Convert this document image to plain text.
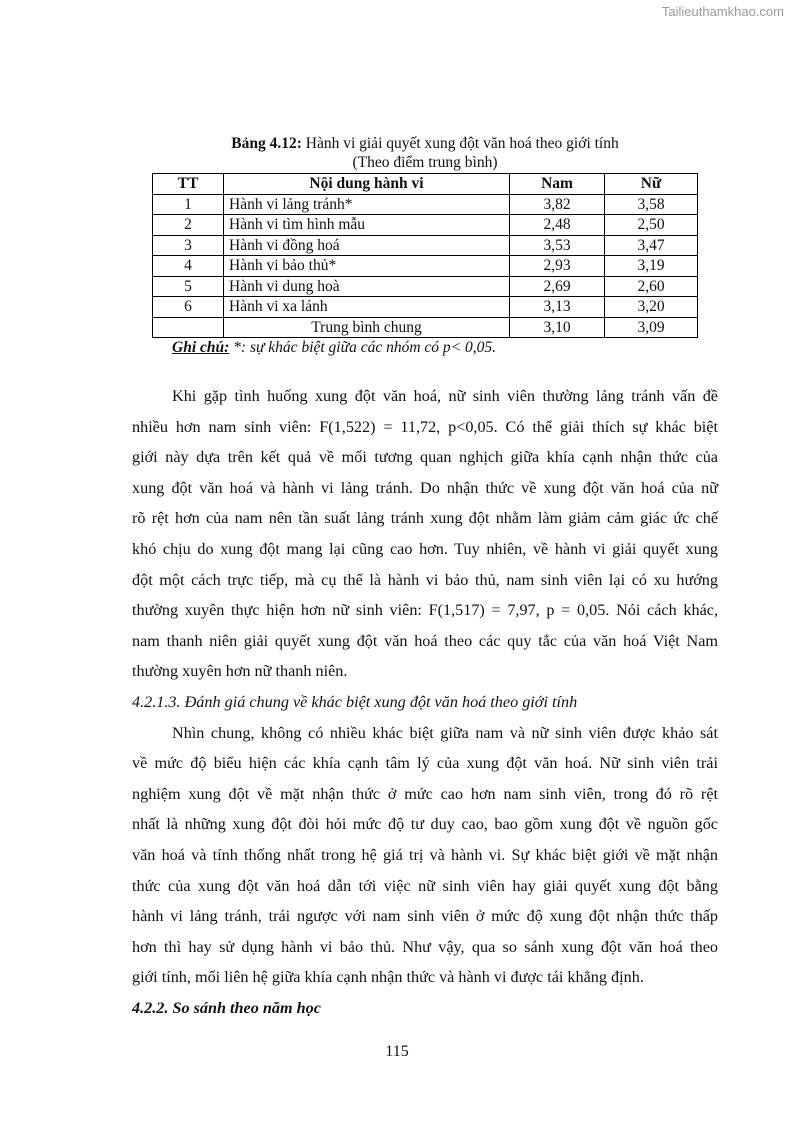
Tailieuthamkhao.com
Bảng 4.12: Hành vi giải quyết xung đột văn hoá theo giới tính
(Theo điểm trung bình)
TT	Nội dung hành vi	Nam	Nữ
1	Hành vi lảng tránh*	3,82	3,58
2	Hành vi tìm hình mẫu	2,48	2,50
3	Hành vi đồng hoá	3,53	3,47
4	Hành vi bảo thủ*	2,93	3,19
5	Hành vi dung hoà	2,69	2,60
6	Hành vi xa lánh	3,13	3,20
	Trung bình chung	3,10	3,09
Ghi chú: *: sự khác biệt giữa các nhóm có p< 0,05.
Khi gặp tình huống xung đột văn hoá, nữ sinh viên thường lảng tránh vấn đề
nhiều hơn nam sinh viên: F(1,522) = 11,72, p<0,05. Có thể giải thích sự khác biệt
giới này dựa trên kết quả về mối tương quan nghịch giữa khía cạnh nhận thức của
xung đột văn hoá và hành vi lảng tránh. Do nhận thức về xung đột văn hoá của nữ
rõ rệt hơn của nam nên tần suất lảng tránh xung đột nhằm làm giảm cảm giác ức chế
khó chịu do xung đột mang lại cũng cao hơn. Tuy nhiên, về hành vi giải quyết xung
đột một cách trực tiếp, mà cụ thể là hành vi bảo thủ, nam sinh viên lại có xu hướng
thường xuyên thực hiện hơn nữ sinh viên: F(1,517) = 7,97, p = 0,05. Nói cách khác,
nam thanh niên giải quyết xung đột văn hoá theo các quy tắc của văn hoá Việt Nam
thường xuyên hơn nữ thanh niên.
4.2.1.3. Đánh giá chung về khác biệt xung đột văn hoá theo giới tính
Nhìn chung, không có nhiều khác biệt giữa nam và nữ sinh viên được khảo sát
về mức độ biểu hiện các khía cạnh tâm lý của xung đột văn hoá. Nữ sinh viên trải
nghiệm xung đột về mặt nhận thức ở mức cao hơn nam sinh viên, trong đó rõ rệt
nhất là những xung đột đòi hỏi mức độ tư duy cao, bao gồm xung đột về nguồn gốc
văn hoá và tính thống nhất trong hệ giá trị và hành vi. Sự khác biệt giới về mặt nhận
thức của xung đột văn hoá dẫn tới việc nữ sinh viên hay giải quyết xung đột bằng
hành vi lảng tránh, trái ngược với nam sinh viên ở mức độ xung đột nhận thức thấp
hơn thì hay sử dụng hành vi bảo thủ. Như vậy, qua so sánh xung đột văn hoá theo
giới tính, mối liên hệ giữa khía cạnh nhận thức và hành vi được tái khẳng định.
4.2.2. So sánh theo năm học
115
